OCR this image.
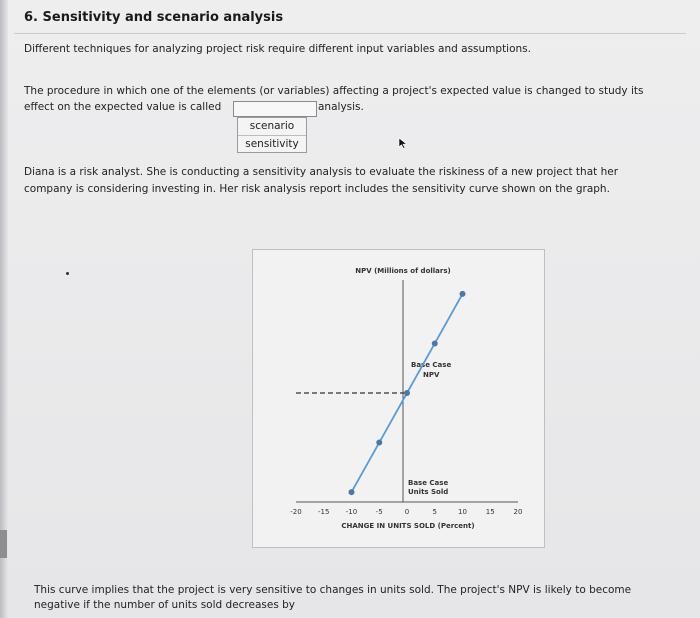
6. Sensitivity and scenario analysis
Different techniques for analyzing project risk require different input variables and assumptions.
The procedure in which one of the elements (or variables) affecting a project's expected value is changed to study its
effect on the expected value is called	analysis.
scenario
sensitivity
Diana is a risk analyst. She is conducting a sensitivity analysis to evaluate the riskiness of a new project that her
company is considering investing in. Her risk analysis report includes the sensitivity curve shown on the graph.
NPV (Millions of dollars)
Base Case NPV
Base Case Units Sold
-20 -15 -10	-5	0	5	10	15	20
CHANGE IN UNITS SOLD (Percent)
This curve implies that the project is very sensitive to changes in units sold. The project's NPV is likely to become
negative if the number of units sold decreases by
